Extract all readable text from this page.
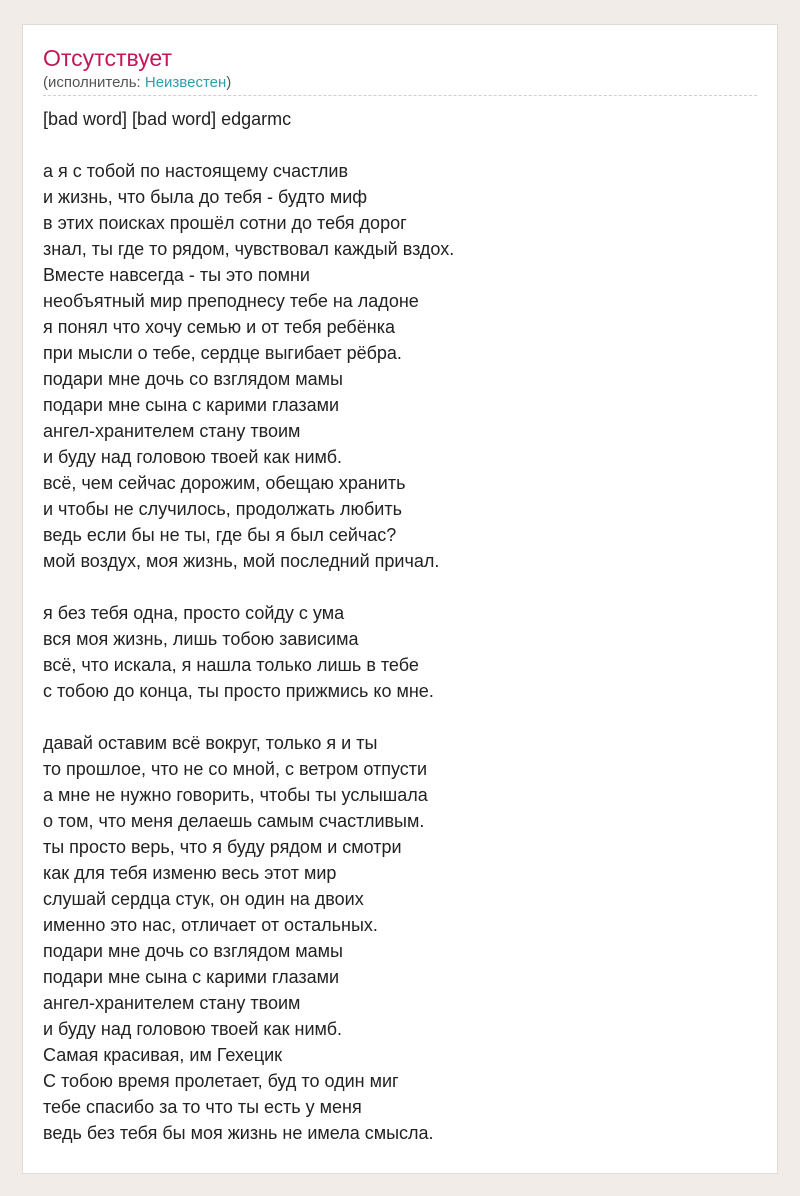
Отсутствует
(исполнитель: Неизвестен)
[bad word] [bad word] edgarmc
а я с тобой по настоящему счастлив
и жизнь, что была до тебя - будто миф
в этих поисках прошёл сотни до тебя дорог
знал, ты где то рядом, чувствовал каждый вздох.
Вместе навсегда - ты это помни
необъятный мир преподнесу тебе на ладоне
я понял что хочу семью и от тебя ребёнка
при мысли о тебе, сердце выгибает рёбра.
подари мне дочь со взглядом мамы
подари мне сына с карими глазами
ангел-хранителем стану твоим
и буду над головою твоей как нимб.
всё, чем сейчас дорожим, обещаю хранить
и чтобы не случилось, продолжать любить
ведь если бы не ты, где бы я был сейчас?
мой воздух, моя жизнь, мой последний причал.
я без тебя одна, просто сойду с ума
вся моя жизнь, лишь тобою зависима
всё, что искала, я нашла только лишь в тебе
с тобою до конца, ты просто прижмись ко мне.
давай оставим всё вокруг, только я и ты
то прошлое, что не со мной, с ветром отпусти
а мне не нужно говорить, чтобы ты услышала
о том, что меня делаешь самым счастливым.
ты просто верь, что я буду рядом и смотри
как для тебя изменю весь этот мир
слушай сердца стук, он один на двоих
именно это нас, отличает от остальных.
подари мне дочь со взглядом мамы
подари мне сына с карими глазами
ангел-хранителем стану твоим
и буду над головою твоей как нимб.
Самая красивая, им Гехецик
С тобою время пролетает, буд то один миг
тебе спасибо за то что ты есть у меня
ведь без тебя бы моя жизнь не имела смысла.
